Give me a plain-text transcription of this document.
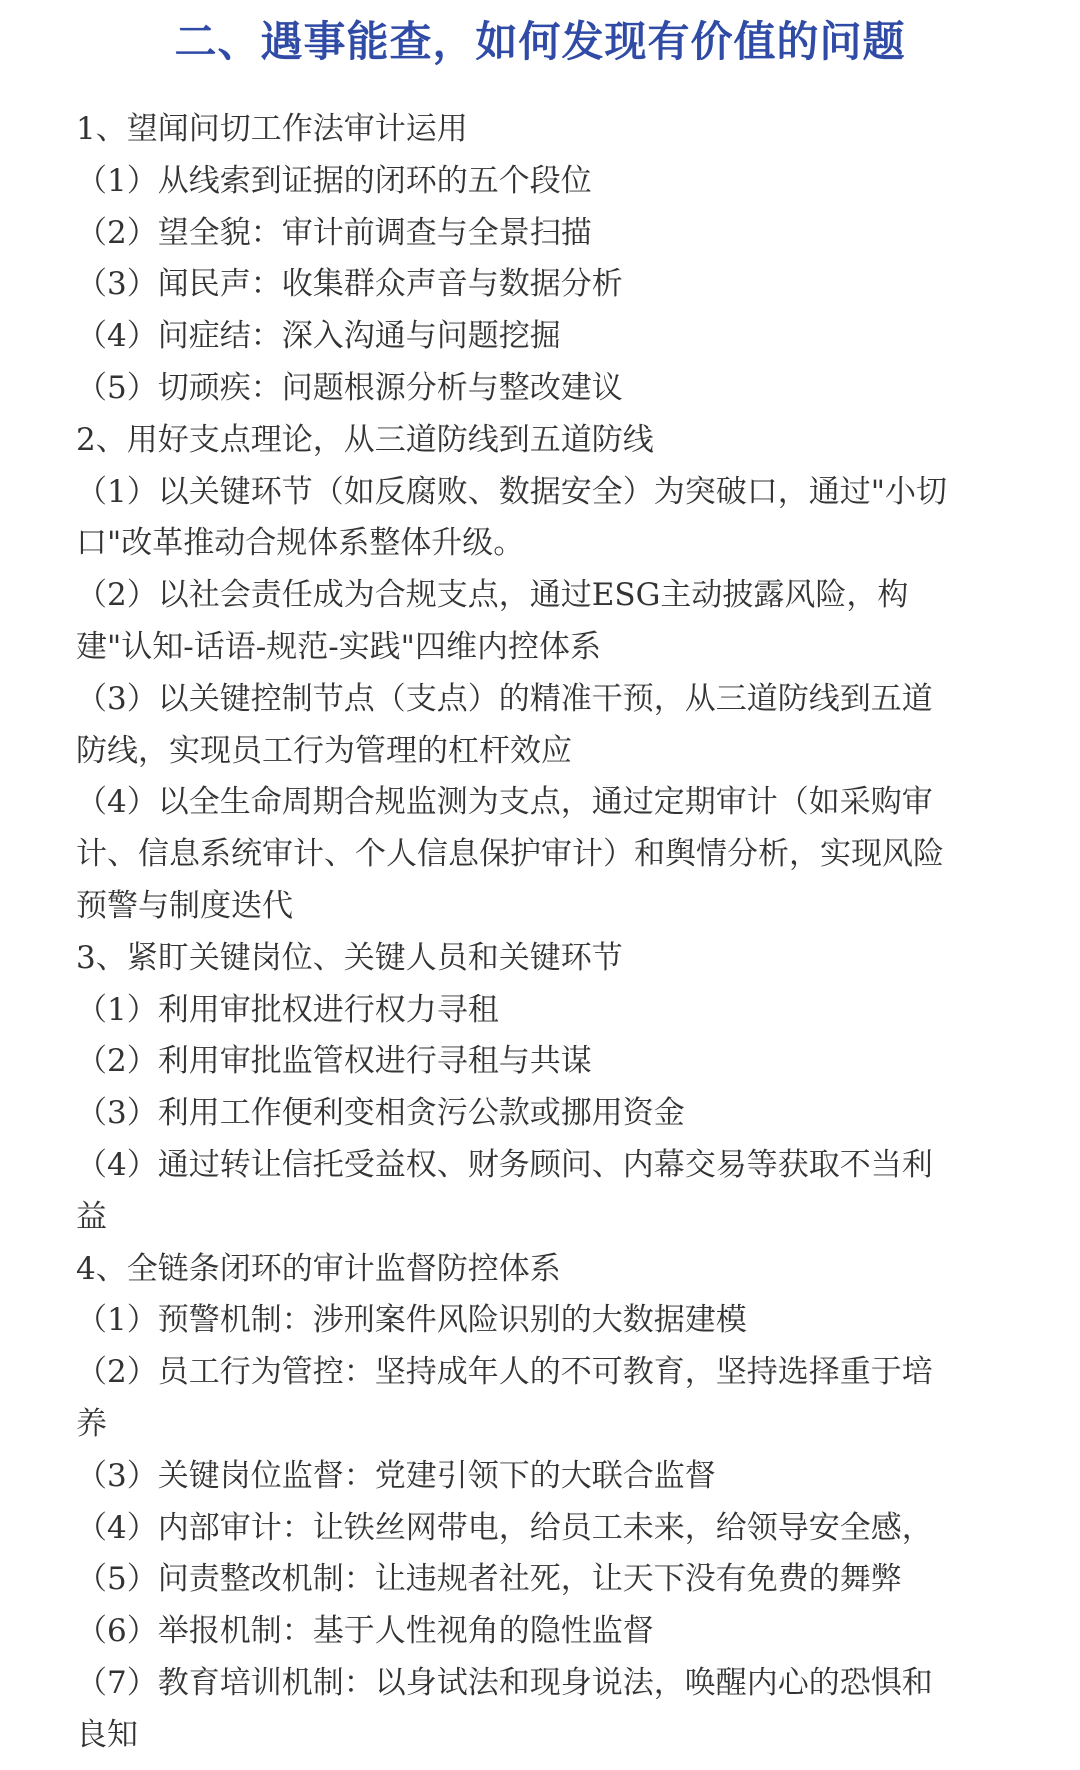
二、遇事能查，如何发现有价值的问题
1、望闻问切工作法审计运用
（1）从线索到证据的闭环的五个段位
（2）望全貌：审计前调查与全景扫描
（3）闻民声：收集群众声音与数据分析
（4）问症结：深入沟通与问题挖掘
（5）切顽疾：问题根源分析与整改建议
2、用好支点理论，从三道防线到五道防线
（1）以关键环节（如反腐败、数据安全）为突破口，通过"小切
口"改革推动合规体系整体升级。
（2）以社会责任成为合规支点，通过ESG主动披露风险，构
建"认知-话语-规范-实践"四维内控体系
（3）以关键控制节点（支点）的精准干预，从三道防线到五道
防线，实现员工行为管理的杠杆效应
（4）以全生命周期合规监测为支点，通过定期审计（如采购审
计、信息系统审计、个人信息保护审计）和舆情分析，实现风险
预警与制度迭代
3、紧盯关键岗位、关键人员和关键环节
（1）利用审批权进行权力寻租
（2）利用审批监管权进行寻租与共谋
（3）利用工作便利变相贪污公款或挪用资金
（4）通过转让信托受益权、财务顾问、内幕交易等获取不当利
益
4、全链条闭环的审计监督防控体系
（1）预警机制：涉刑案件风险识别的大数据建模
（2）员工行为管控：坚持成年人的不可教育，坚持选择重于培
养
（3）关键岗位监督：党建引领下的大联合监督
（4）内部审计：让铁丝网带电，给员工未来，给领导安全感，
（5）问责整改机制：让违规者社死，让天下没有免费的舞弊
（6）举报机制：基于人性视角的隐性监督
（7）教育培训机制：以身试法和现身说法，唤醒内心的恐惧和
良知
